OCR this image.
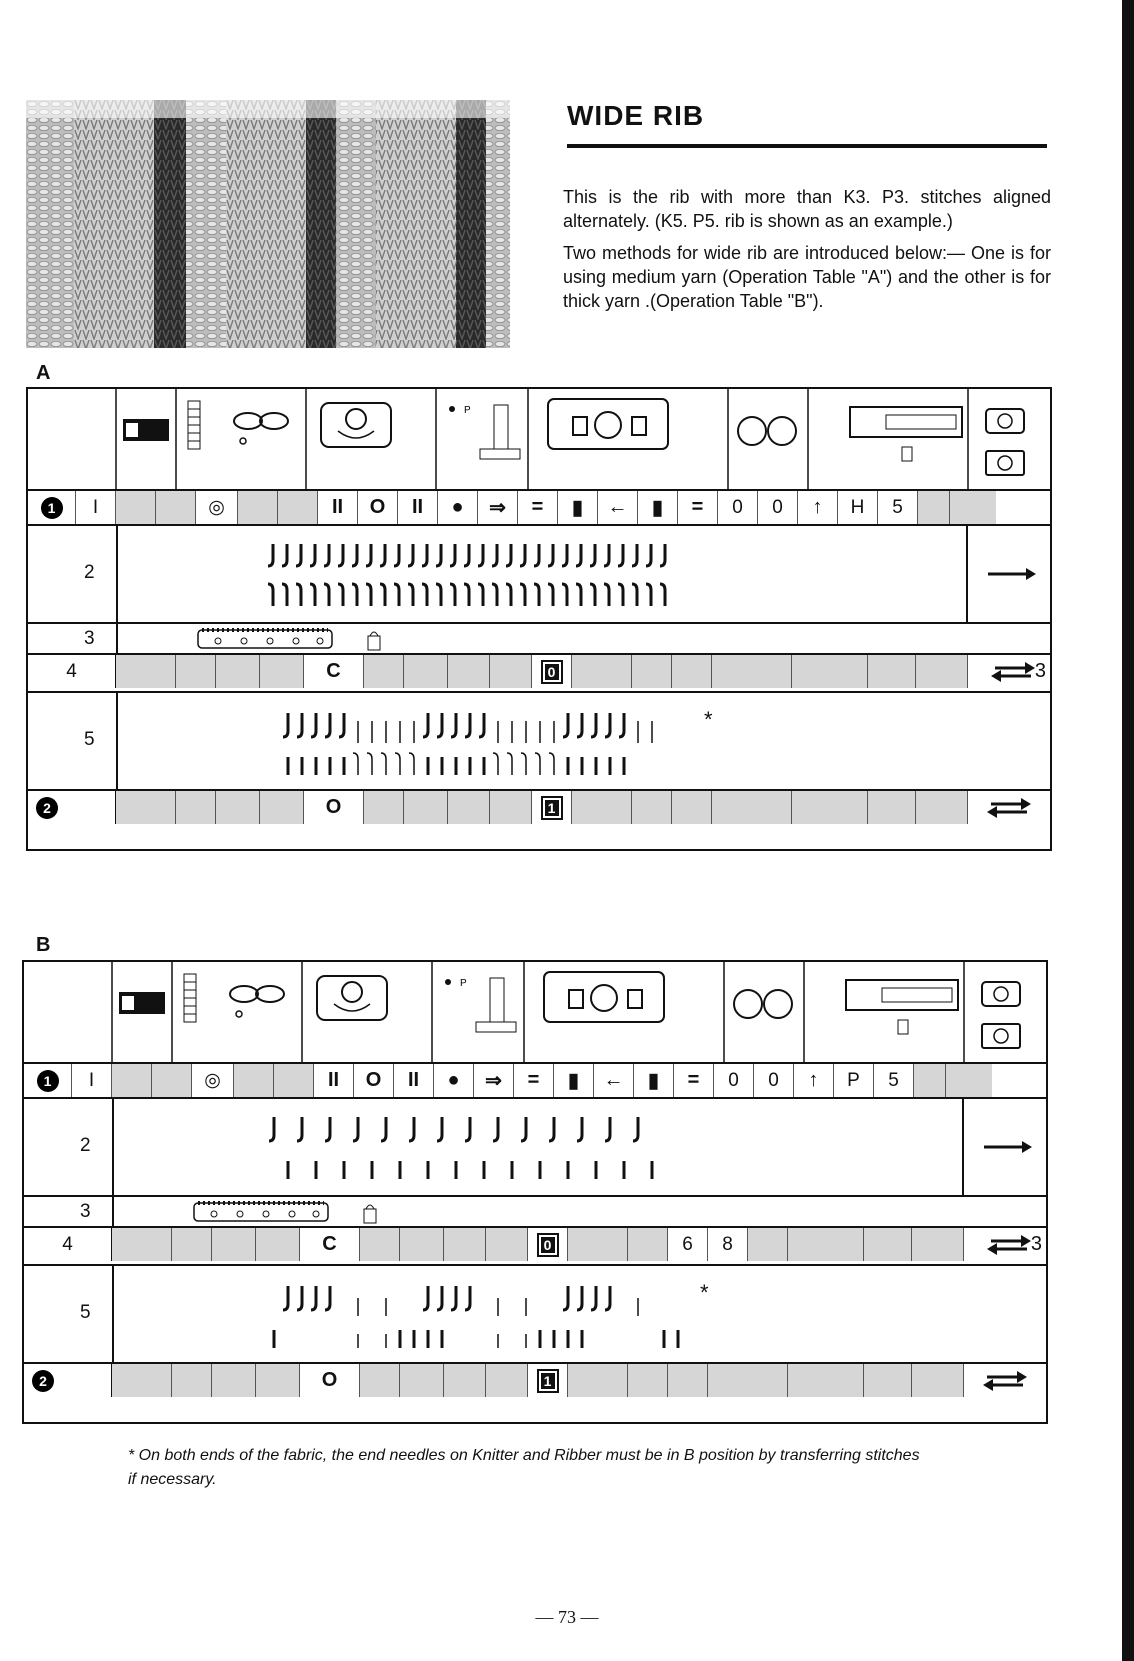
WIDE RIB

This is the rib with more than K3. P3. stitches aligned alternately. (K5. P5. rib is shown as an example.)

Two methods for wide rib are introduced below:— One is for using medium yarn (Operation Table "A") and the other is for thick yarn .(Operation Table "B").

A
P
1	I	◎	II	O	II	●	⇒	=	▮	←	▮	=	0	0	↑	H	5
2
3
4	C	0	3
5
*
2	O	1
B
P
1	I	◎	II	O	II	●	⇒	=	▮	←	▮	=	0	0	↑	P	5
2
3
4	C	0	6	8	3
5
*
2	O	1
* On both ends of the fabric, the end needles on Knitter and Ribber must be in B position by transferring stitches if necessary.
— 73 —
